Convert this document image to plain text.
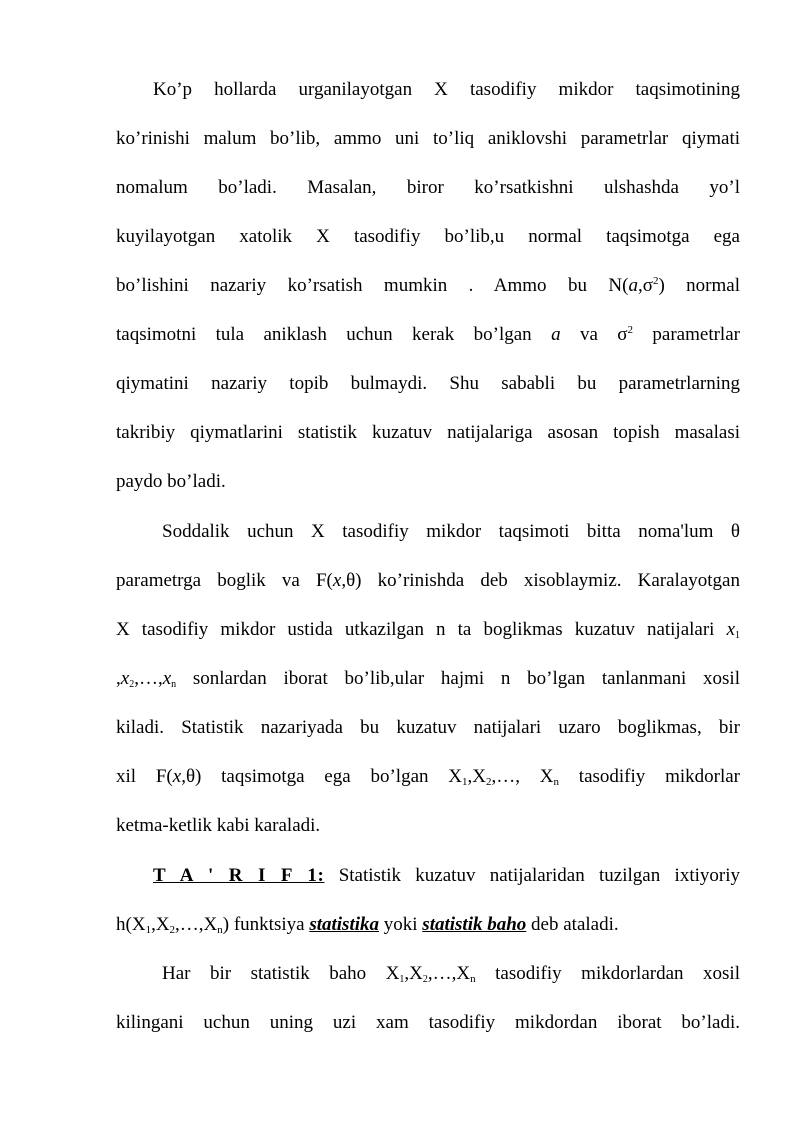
Ko’p hollarda urganilayotgan X tasodifiy mikdor taqsimotining
ko’rinishi malum bo’lib, ammo uni to’liq aniklovshi parametrlar qiymati
nomalum bo’ladi. Masalan, biror ko’rsatkishni ulshashda yo’l
kuyilayotgan xatolik X tasodifiy bo’lib,u normal taqsimotga ega
bo’lishini nazariy ko’rsatish mumkin . Ammo bu $N(a,\sigma^2)$ normal
taqsimotni tula aniklash uchun kerak bo’lgan a va $\sigma^2$ parametrlar
qiymatini nazariy topib bulmaydi. Shu sababli bu parametrlarning
takribiy qiymatlarini statistik kuzatuv natijalariga asosan topish masalasi
paydo bo’ladi.
Soddalik uchun X tasodifiy mikdor taqsimoti bitta noma'lum θ
parametrga boglik va F(x,θ) ko’rinishda deb xisoblaymiz. Karalayotgan
X tasodifiy mikdor ustida utkazilgan n ta boglikmas kuzatuv natijalari $x_1$
$,x_2,\dots,x_n$ sonlardan iborat bo’lib,ular hajmi n bo’lgan tanlanmani xosil
kiladi. Statistik nazariyada bu kuzatuv natijalari uzaro boglikmas, bir
xil F(x,θ) taqsimotga ega bo’lgan $X_1,X_2,\dots$, $X_n$ tasodifiy mikdorlar
ketma-ketlik kabi karaladi.
T A ' R I F 1: Statistik kuzatuv natijalaridan tuzilgan ixtiyoriy
$h(X_1,X_2,\dots,X_n)$ funktsiya statistika yoki statistik baho deb ataladi.
Har bir statistik baho $X_1,X_2,\dots,X_n$ tasodifiy mikdorlardan xosil
kilingani uchun uning uzi xam tasodifiy mikdordan iborat bo’ladi.
